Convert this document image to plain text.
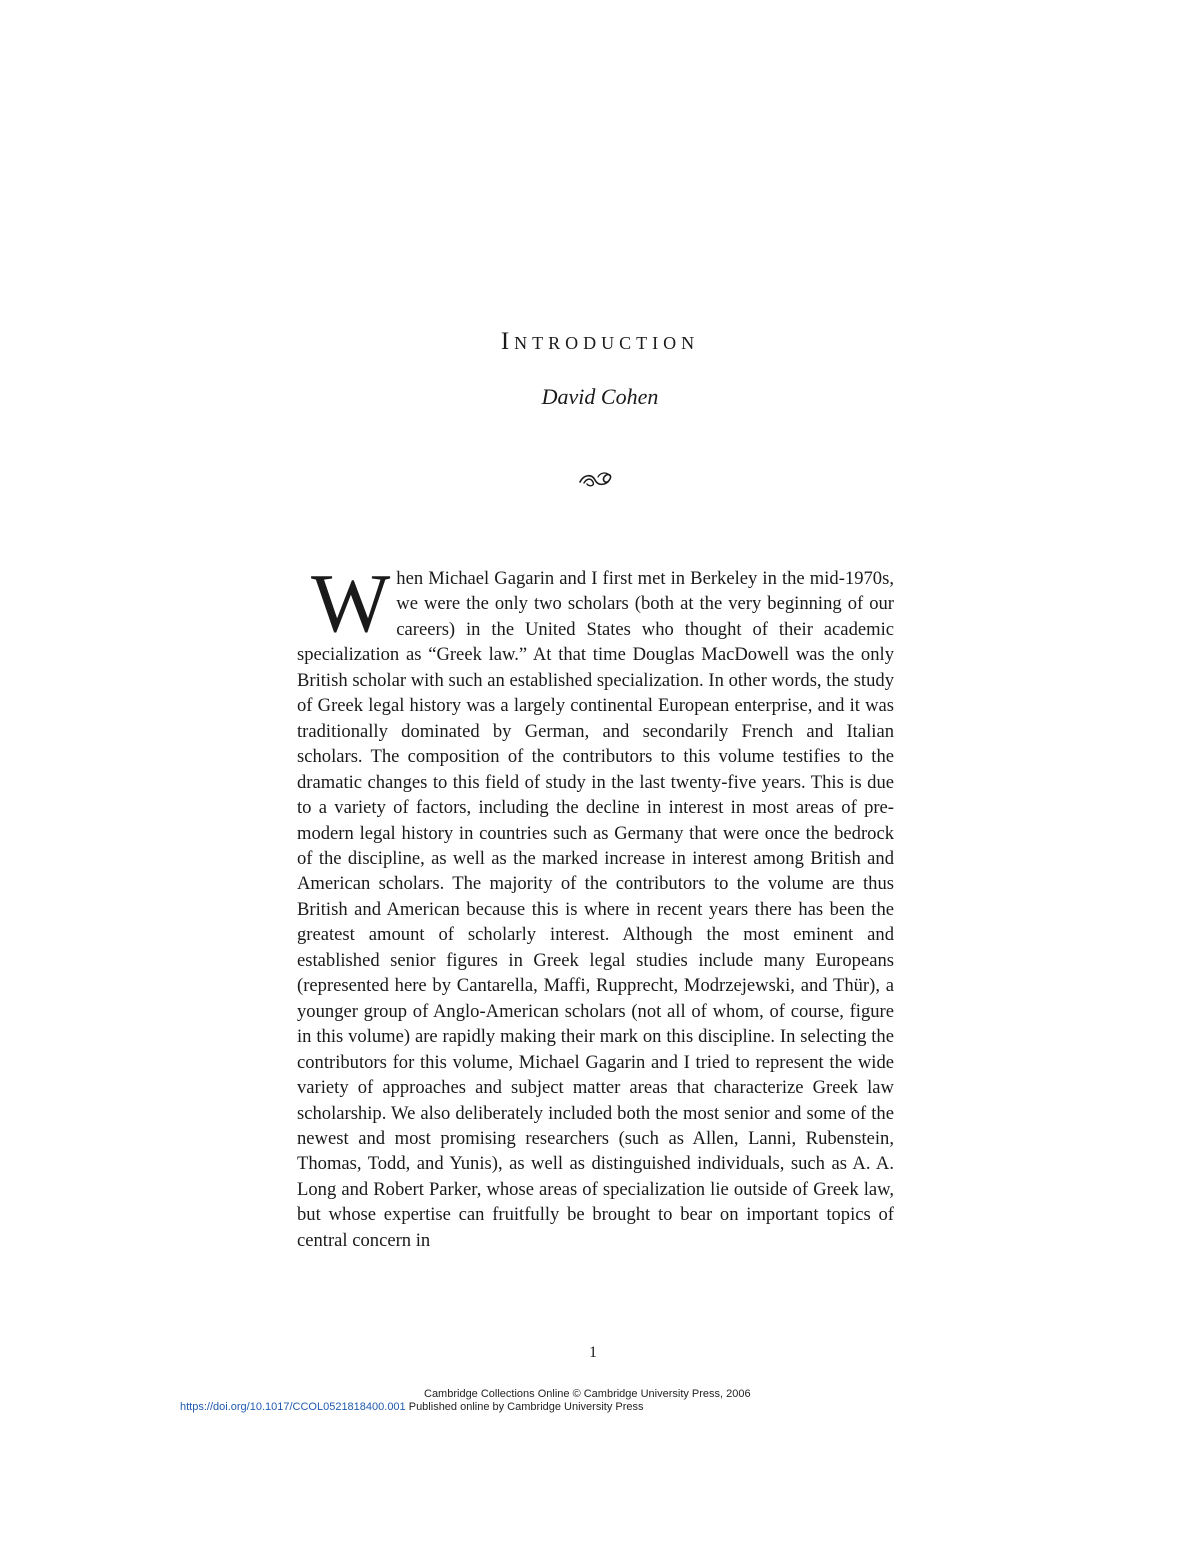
Introduction
David Cohen

When Michael Gagarin and I first met in Berkeley in the mid-1970s, we were the only two scholars (both at the very beginning of our careers) in the United States who thought of their academic specialization as “Greek law.” At that time Douglas MacDowell was the only British scholar with such an established specialization. In other words, the study of Greek legal history was a largely continental European enterprise, and it was traditionally dominated by German, and secondarily French and Italian scholars. The composition of the contributors to this volume testifies to the dramatic changes to this field of study in the last twenty-five years. This is due to a variety of factors, including the decline in interest in most areas of pre-modern legal history in countries such as Germany that were once the bedrock of the discipline, as well as the marked increase in interest among British and American scholars. The majority of the contributors to the volume are thus British and American because this is where in recent years there has been the greatest amount of scholarly interest. Although the most eminent and established senior figures in Greek legal studies include many Europeans (represented here by Cantarella, Maffi, Rupprecht, Modrzejewski, and Thür), a younger group of Anglo-American scholars (not all of whom, of course, figure in this volume) are rapidly making their mark on this discipline. In selecting the contributors for this volume, Michael Gagarin and I tried to represent the wide variety of approaches and subject matter areas that characterize Greek law scholarship. We also deliberately included both the most senior and some of the newest and most promising researchers (such as Allen, Lanni, Rubenstein, Thomas, Todd, and Yunis), as well as distinguished individuals, such as A. A. Long and Robert Parker, whose areas of specialization lie outside of Greek law, but whose expertise can fruitfully be brought to bear on important topics of central concern in

1
Cambridge Collections Online © Cambridge University Press, 2006
https://doi.org/10.1017/CCOL0521818400.001 Published online by Cambridge University Press
